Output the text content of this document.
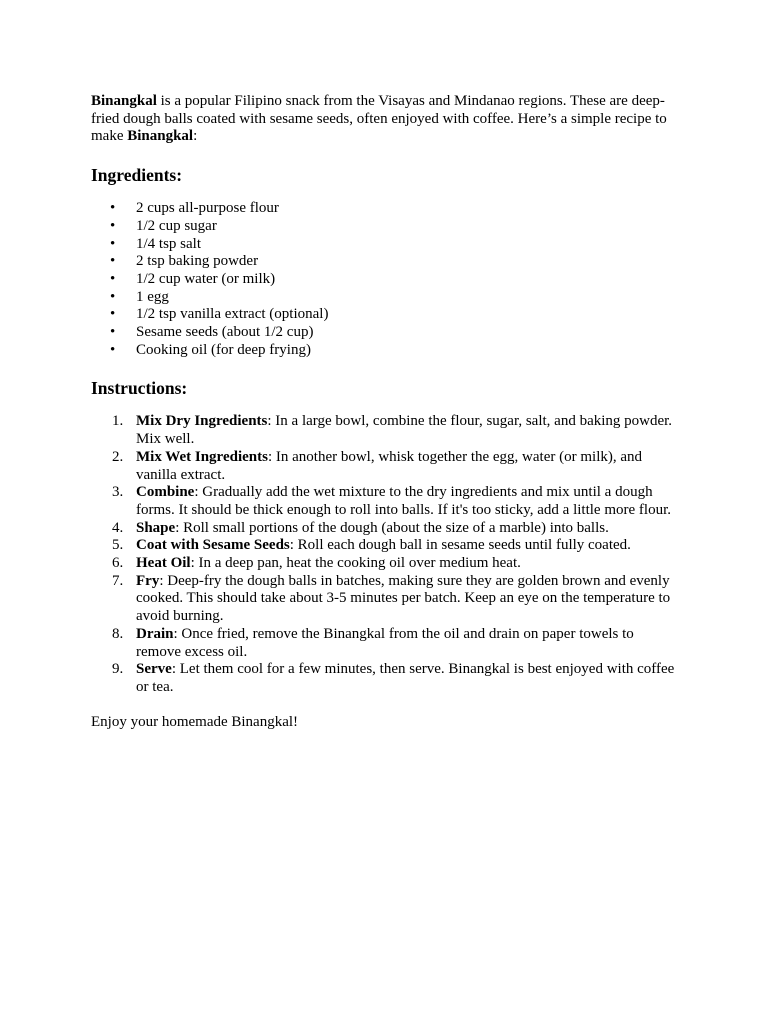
Binangkal is a popular Filipino snack from the Visayas and Mindanao regions. These are deep-fried dough balls coated with sesame seeds, often enjoyed with coffee. Here’s a simple recipe to make Binangkal:

Ingredients:
• 2 cups all-purpose flour
• 1/2 cup sugar
• 1/4 tsp salt
• 2 tsp baking powder
• 1/2 cup water (or milk)
• 1 egg
• 1/2 tsp vanilla extract (optional)
• Sesame seeds (about 1/2 cup)
• Cooking oil (for deep frying)
Instructions:
1. Mix Dry Ingredients: In a large bowl, combine the flour, sugar, salt, and baking powder. Mix well.
2. Mix Wet Ingredients: In another bowl, whisk together the egg, water (or milk), and vanilla extract.
3. Combine: Gradually add the wet mixture to the dry ingredients and mix until a dough forms. It should be thick enough to roll into balls. If it's too sticky, add a little more flour.
4. Shape: Roll small portions of the dough (about the size of a marble) into balls.
5. Coat with Sesame Seeds: Roll each dough ball in sesame seeds until fully coated.
6. Heat Oil: In a deep pan, heat the cooking oil over medium heat.
7. Fry: Deep-fry the dough balls in batches, making sure they are golden brown and evenly cooked. This should take about 3-5 minutes per batch. Keep an eye on the temperature to avoid burning.
8. Drain: Once fried, remove the Binangkal from the oil and drain on paper towels to remove excess oil.
9. Serve: Let them cool for a few minutes, then serve. Binangkal is best enjoyed with coffee or tea.

Enjoy your homemade Binangkal!
